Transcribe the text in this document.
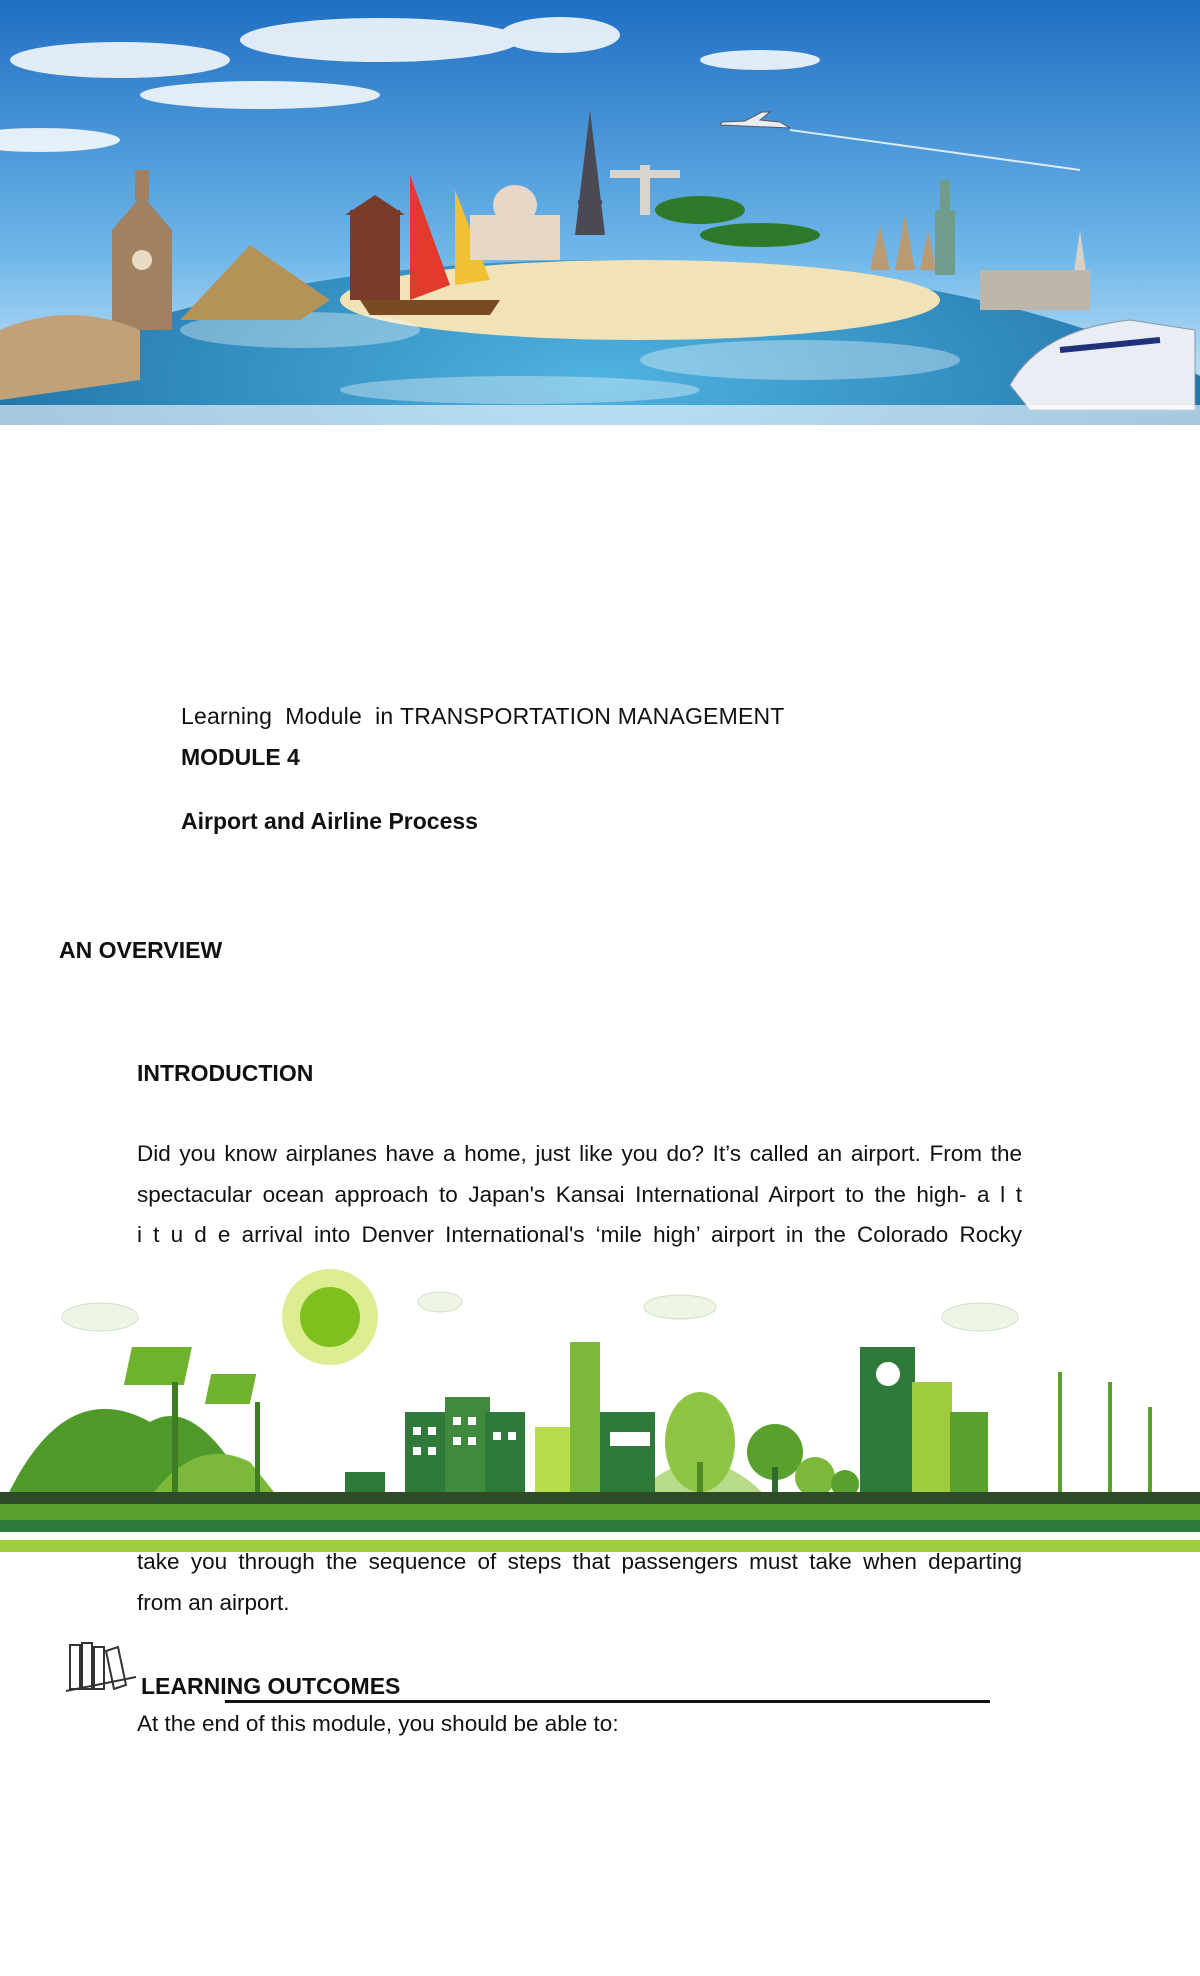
Learning  Module  in TRANSPORTATION MANAGEMENT
MODULE 4
Airport and Airline Process
AN OVERVIEW
INTRODUCTION
Did you know airplanes have a home, just like you do? It’s called an airport. From the
spectacular ocean approach to Japan's Kansai International Airport to the high- a l t
i t u d e arrival into Denver International's ‘mile high’ airport in the Colorado Rocky
take you through the sequence of steps that passengers must take when departing
from an airport.
LEARNING OUTCOMES
At the end of this module, you should be able to:
